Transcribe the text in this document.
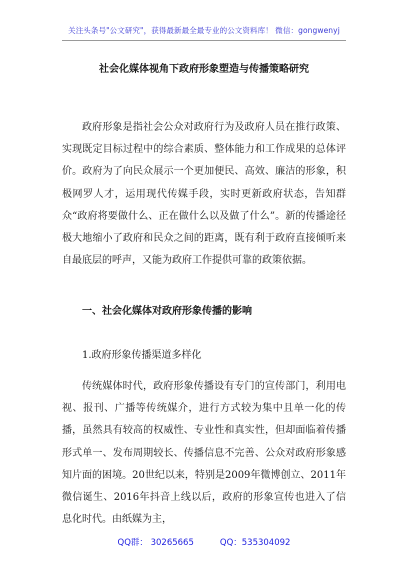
关注头条号"公文研究"，获得最新最全最专业的公文资料库！ 微信：gongwenyj
社会化媒体视角下政府形象塑造与传播策略研究

政府形象是指社会公众对政府行为及政府人员在推行政策、实现既定目标过程中的综合素质、整体能力和工作成果的总体评价。政府为了向民众展示一个更加便民、高效、廉洁的形象，积极网罗人才，运用现代传媒手段，实时更新政府状态，告知群众“政府将要做什么、正在做什么以及做了什么”。新的传播途径极大地缩小了政府和民众之间的距离，既有利于政府直接倾听来自最底层的呼声，又能为政府工作提供可靠的政策依据。

一、社会化媒体对政府形象传播的影响
1.政府形象传播渠道多样化

传统媒体时代，政府形象传播设有专门的宣传部门，利用电视、报刊、广播等传统媒介，进行方式较为集中且单一化的传播，虽然具有较高的权威性、专业性和真实性，但却面临着传播形式单一、发布周期较长、传播信息不完善、公众对政府形象感知片面的困境。20世纪以来，特别是2009年微博创立、2011年微信诞生、2016年抖音上线以后，政府的形象宣传也进入了信息化时代。由纸媒为主，

QQ群： 30265665	QQ：535304092
